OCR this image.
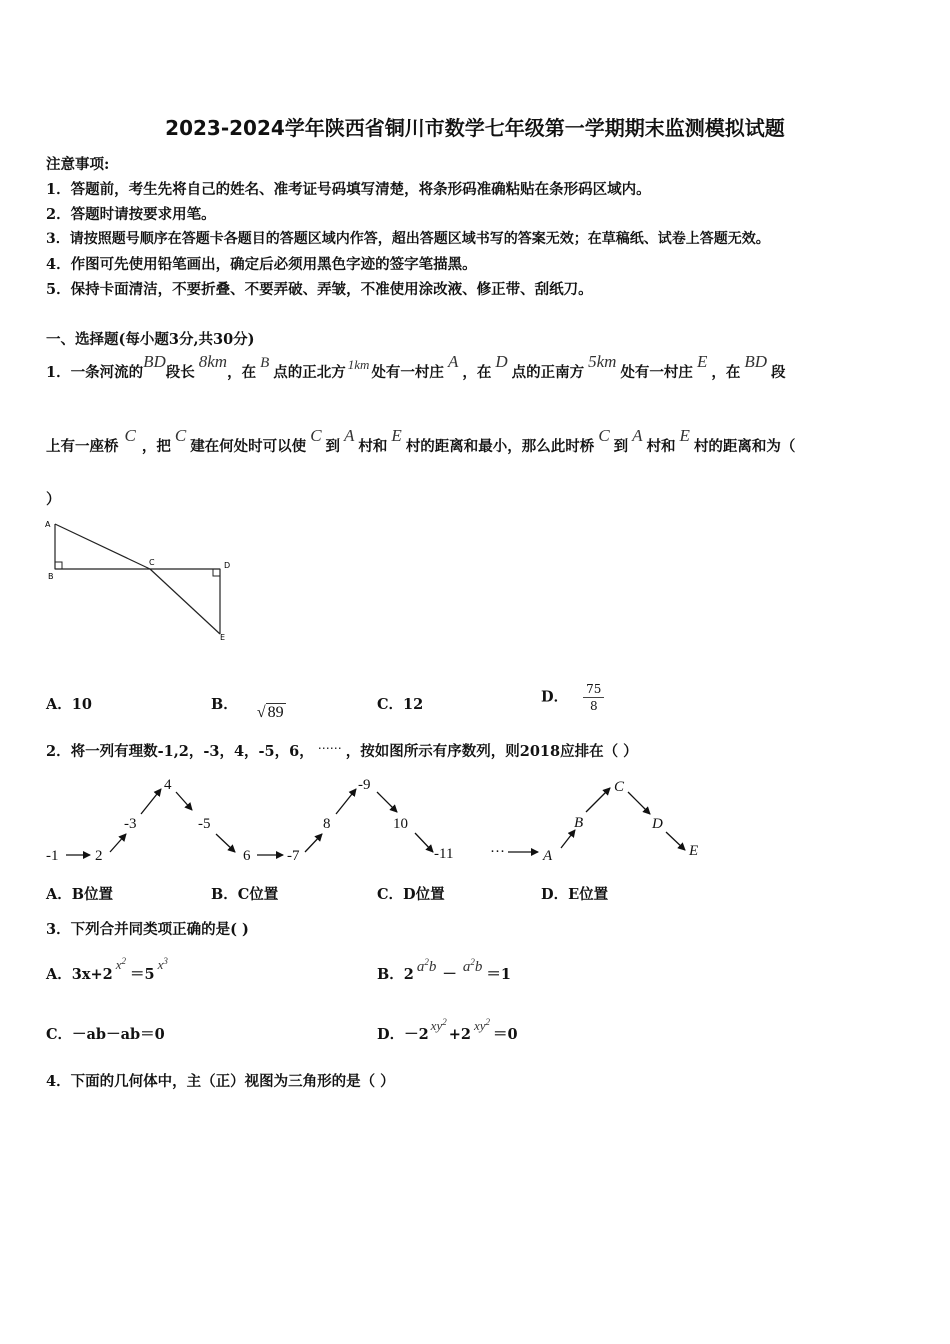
2023-2024学年陕西省铜川市数学七年级第一学期期末监测模拟试题
注意事项:
1．答题前，考生先将自己的姓名、准考证号码填写清楚，将条形码准确粘贴在条形码区域内。
2．答题时请按要求用笔。
3．请按照题号顺序在答题卡各题目的答题区域内作答，超出答题区域书写的答案无效；在草稿纸、试卷上答题无效。
4．作图可先使用铅笔画出，确定后必须用黑色字迹的签字笔描黑。
5．保持卡面清洁，不要折叠、不要弄破、弄皱，不准使用涂改液、修正带、刮纸刀。
一、选择题(每小题3分,共30分)
1．一条河流的BD段长8km，在B点的正北方 1km 处有一村庄A，在D点的正南方5km处有一村庄E，在BD段
上有一座桥C，把C建在何处时可以使C到A村和E村的距离和最小，那么此时桥C到A村和E村的距离和为（
）
A
B
C	D
E
A．10	B． √ 89	C．12	D． $\frac{75}{8}$
2．将一列有理数-1,2，-3，4，-5，6， ⋯⋯ ，按如图所示有序数列，则2018应排在（ ）
-1 2
-3
4
-5
6 -7
8
-9
10
-11 ···	A
B
C
D
E
A．B位置	B．C位置	C．D位置	D．E位置
3．下列合并同类项正确的是( )
A．$3x+2x^2=5x^3$
B．2 $a^2b - a^2b =1$
C．－ab－ab＝0	D．$-2xy^2+2xy^2=0$
4．下面的几何体中，主（正）视图为三角形的是（ ）
